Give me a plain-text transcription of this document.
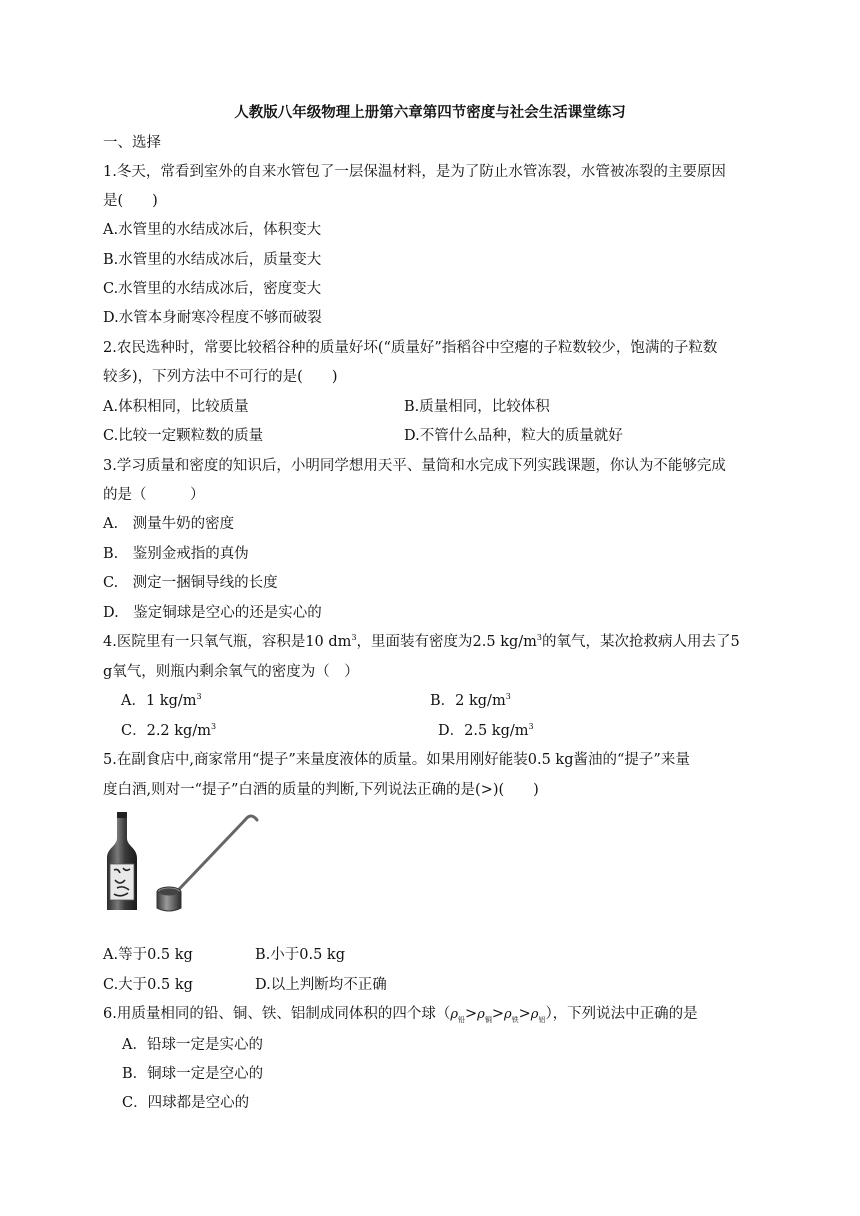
人教版八年级物理上册第六章第四节密度与社会生活课堂练习
一、选择
1.冬天，常看到室外的自来水管包了一层保温材料，是为了防止水管冻裂，水管被冻裂的主要原因
是(　　)
A.水管里的水结成冰后，体积变大
B.水管里的水结成冰后，质量变大
C.水管里的水结成冰后，密度变大
D.水管本身耐寒冷程度不够而破裂
2.农民选种时，常要比较稻谷种的质量好坏(“质量好”指稻谷中空瘪的子粒数较少，饱满的子粒数
较多)，下列方法中不可行的是(　　)
A.体积相同，比较质量	B.质量相同，比较体积
C.比较一定颗粒数的质量	D.不管什么品种，粒大的质量就好
3.学习质量和密度的知识后，小明同学想用天平、量筒和水完成下列实践课题，你认为不能够完成
的是（　　　）
A.　测量牛奶的密度
B.　鉴别金戒指的真伪
C.　测定一捆铜导线的长度
D.　鉴定铜球是空心的还是实心的
4.医院里有一只氧气瓶，容积是10 $dm^3$，里面装有密度为2.5 $kg/m^3$的氧气，某次抢救病人用去了5
g氧气，则瓶内剩余氧气的密度为（　）
A．1 $kg/m^3$	B．2 $kg/m^3$
C．2.2 $kg/m^3$	D．2.5 $kg/m^3$
5.在副食店中,商家常用“提子”来量度液体的质量。如果用刚好能装0.5 kg酱油的“提子”来量
度白酒,则对一“提子”白酒的质量的判断,下列说法正确的是(>)(　　)
A.等于0.5 kg	B.小于0.5 kg
C.大于0.5 kg	D.以上判断均不正确
6.用质量相同的铅、铜、铁、铝制成同体积的四个球$(\rho_铅>\rho_铜>\rho_铁>\rho_铝)$，下列说法中正确的是
A．铅球一定是实心的
B．铜球一定是空心的
C．四球都是空心的
